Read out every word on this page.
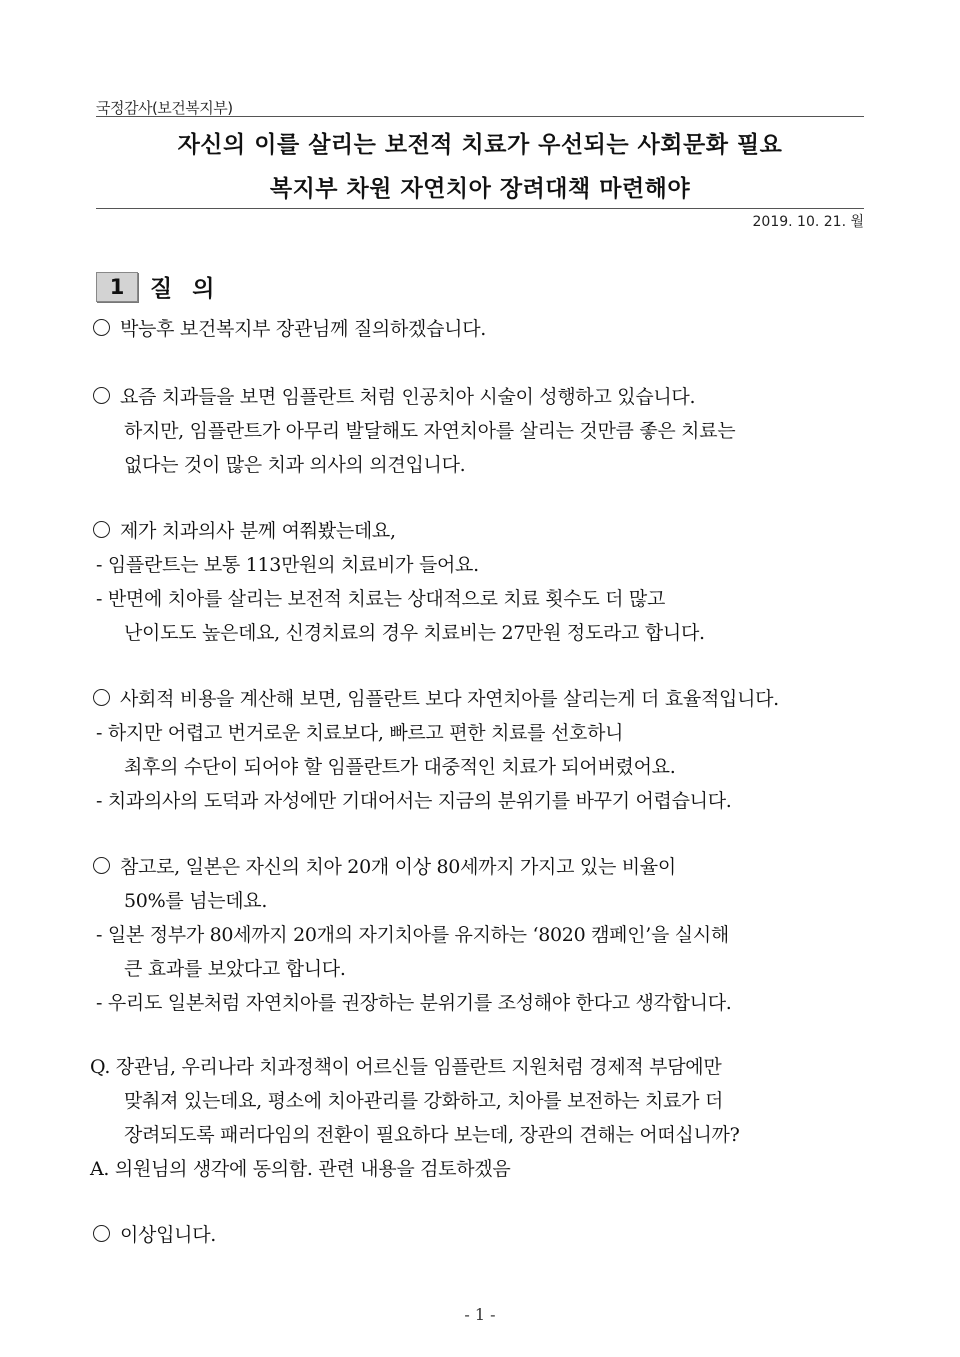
국정감사(보건복지부)
자신의 이를 살리는 보전적 치료가 우선되는 사회문화 필요
복지부 차원 자연치아 장려대책 마련해야
2019. 10. 21. 월
1	질 의
박능후 보건복지부 장관님께 질의하겠습니다.
요즘 치과들을 보면 임플란트 처럼 인공치아 시술이 성행하고 있습니다.
하지만, 임플란트가 아무리 발달해도 자연치아를 살리는 것만큼 좋은 치료는
없다는 것이 많은 치과 의사의 의견입니다.
제가 치과의사 분께 여쭤봤는데요,
- 임플란트는 보통 113만원의 치료비가 들어요.
- 반면에 치아를 살리는 보전적 치료는 상대적으로 치료 횟수도 더 많고
난이도도 높은데요, 신경치료의 경우 치료비는 27만원 정도라고 합니다.
사회적 비용을 계산해 보면, 임플란트 보다 자연치아를 살리는게 더 효율적입니다.
- 하지만 어렵고 번거로운 치료보다, 빠르고 편한 치료를 선호하니
최후의 수단이 되어야 할 임플란트가 대중적인 치료가 되어버렸어요.
- 치과의사의 도덕과 자성에만 기대어서는 지금의 분위기를 바꾸기 어렵습니다.
참고로, 일본은 자신의 치아 20개 이상 80세까지 가지고 있는 비율이
50%를 넘는데요.
- 일본 정부가 80세까지 20개의 자기치아를 유지하는 ‘8020 캠페인’을 실시해
큰 효과를 보았다고 합니다.
- 우리도 일본처럼 자연치아를 권장하는 분위기를 조성해야 한다고 생각합니다.
Q. 장관님, 우리나라 치과정책이 어르신들 임플란트 지원처럼 경제적 부담에만
맞춰져 있는데요, 평소에 치아관리를 강화하고, 치아를 보전하는 치료가 더
장려되도록 패러다임의 전환이 필요하다 보는데, 장관의 견해는 어떠십니까?
A. 의원님의 생각에 동의함. 관련 내용을 검토하겠음
이상입니다.
- 1 -
